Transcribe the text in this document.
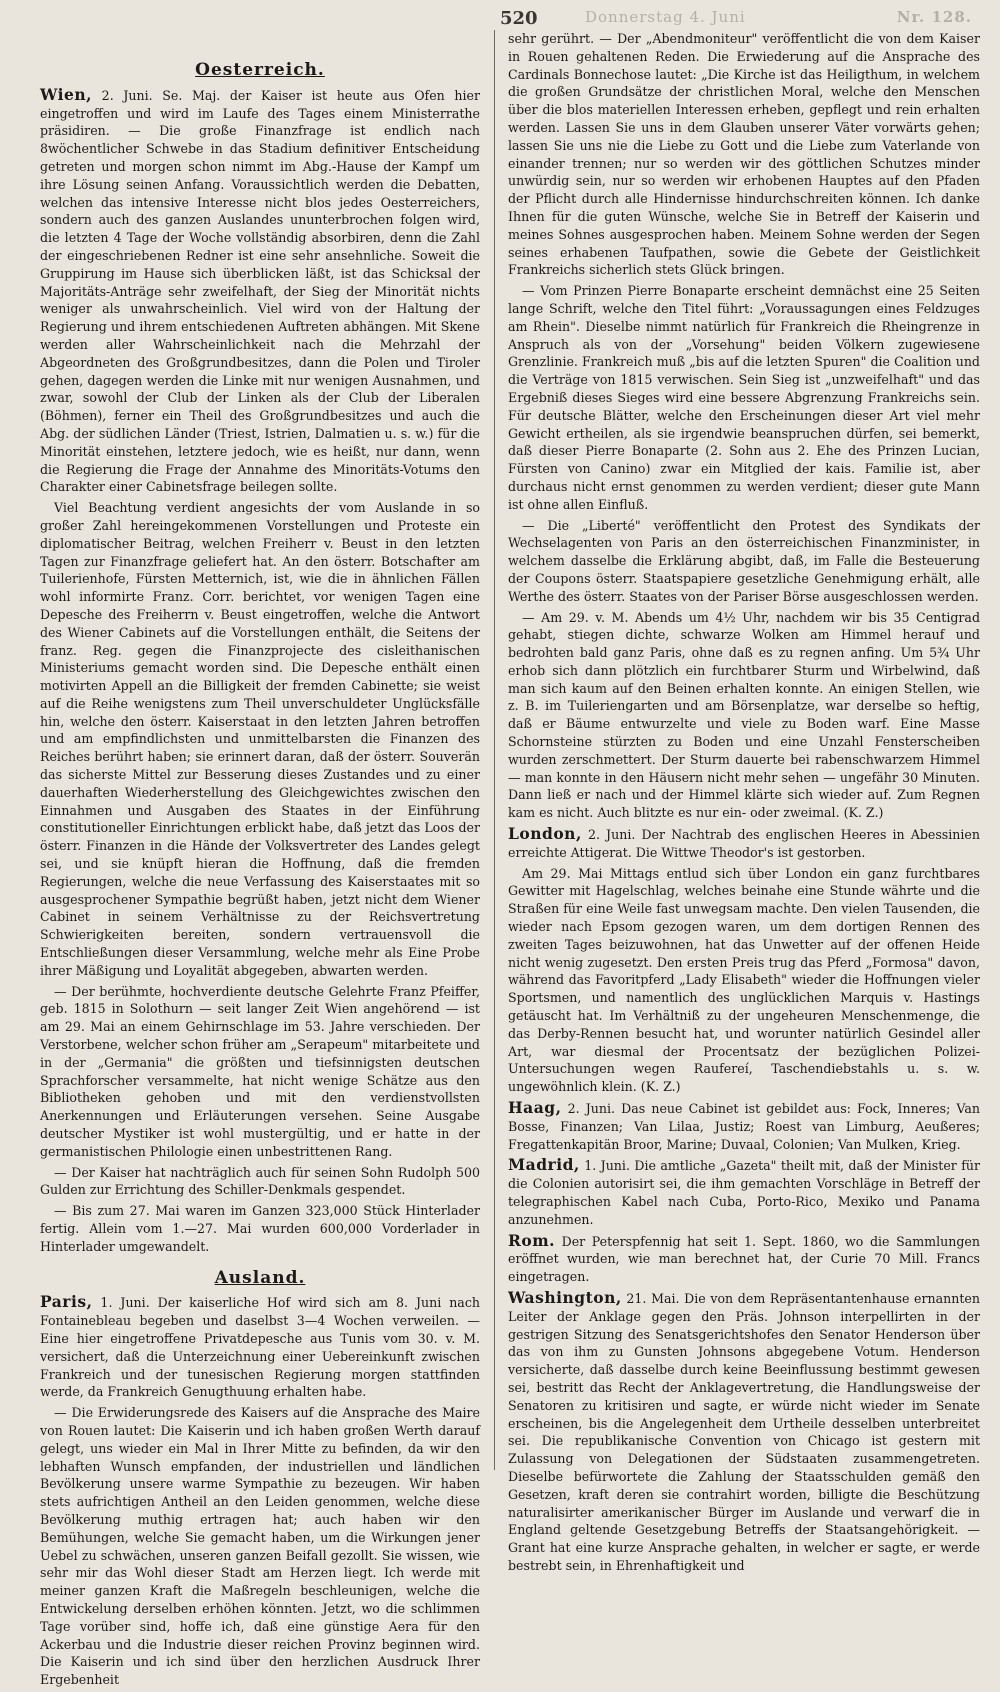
Donnerstag 4. Juni
520	Nr. 128.
Oesterreich.

Wien, 2. Juni. Se. Maj. der Kaiser ist heute aus Ofen hier eingetroffen und wird im Laufe des Tages einem Ministerrathe präsidiren. — Die große Finanzfrage ist endlich nach 8wöchentlicher Schwebe in das Stadium definitiver Entscheidung getreten und morgen schon nimmt im Abg.-Hause der Kampf um ihre Lösung seinen Anfang. Voraussichtlich werden die Debatten, welchen das intensive Interesse nicht blos jedes Oesterreichers, sondern auch des ganzen Auslandes ununterbrochen folgen wird, die letzten 4 Tage der Woche vollständig absorbiren, denn die Zahl der eingeschriebenen Redner ist eine sehr ansehnliche. Soweit die Gruppirung im Hause sich überblicken läßt, ist das Schicksal der Majoritäts-Anträge sehr zweifelhaft, der Sieg der Minorität nichts weniger als unwahrscheinlich. Viel wird von der Haltung der Regierung und ihrem entschiedenen Auftreten abhängen. Mit Skene werden aller Wahrscheinlichkeit nach die Mehrzahl der Abgeordneten des Großgrundbesitzes, dann die Polen und Tiroler gehen, dagegen werden die Linke mit nur wenigen Ausnahmen, und zwar, sowohl der Club der Linken als der Club der Liberalen (Böhmen), ferner ein Theil des Großgrundbesitzes und auch die Abg. der südlichen Länder (Triest, Istrien, Dalmatien u. s. w.) für die Minorität einstehen, letztere jedoch, wie es heißt, nur dann, wenn die Regierung die Frage der Annahme des Minoritäts-Votums den Charakter einer Cabinetsfrage beilegen sollte.

Viel Beachtung verdient angesichts der vom Auslande in so großer Zahl hereingekommenen Vorstellungen und Proteste ein diplomatischer Beitrag, welchen Freiherr v. Beust in den letzten Tagen zur Finanzfrage geliefert hat. An den österr. Botschafter am Tuilerienhofe, Fürsten Metternich, ist, wie die in ähnlichen Fällen wohl informirte Franz. Corr. berichtet, vor wenigen Tagen eine Depesche des Freiherrn v. Beust eingetroffen, welche die Antwort des Wiener Cabinets auf die Vorstellungen enthält, die Seitens der franz. Reg. gegen die Finanzprojecte des cisleithanischen Ministeriums gemacht worden sind. Die Depesche enthält einen motivirten Appell an die Billigkeit der fremden Cabinette; sie weist auf die Reihe wenigstens zum Theil unverschuldeter Unglücksfälle hin, welche den österr. Kaiserstaat in den letzten Jahren betroffen und am empfindlichsten und unmittelbarsten die Finanzen des Reiches berührt haben; sie erinnert daran, daß der österr. Souverän das sicherste Mittel zur Besserung dieses Zustandes und zu einer dauerhaften Wiederherstellung des Gleichgewichtes zwischen den Einnahmen und Ausgaben des Staates in der Einführung constitutioneller Einrichtungen erblickt habe, daß jetzt das Loos der österr. Finanzen in die Hände der Volksvertreter des Landes gelegt sei, und sie knüpft hieran die Hoffnung, daß die fremden Regierungen, welche die neue Verfassung des Kaiserstaates mit so ausgesprochener Sympathie begrüßt haben, jetzt nicht dem Wiener Cabinet in seinem Verhältnisse zu der Reichsvertretung Schwierigkeiten bereiten, sondern vertrauensvoll die Entschließungen dieser Versammlung, welche mehr als Eine Probe ihrer Mäßigung und Loyalität abgegeben, abwarten werden.

— Der berühmte, hochverdiente deutsche Gelehrte Franz Pfeiffer, geb. 1815 in Solothurn — seit langer Zeit Wien angehörend — ist am 29. Mai an einem Gehirnschlage im 53. Jahre verschieden. Der Verstorbene, welcher schon früher am „Serapeum" mitarbeitete und in der „Germania" die größten und tiefsinnigsten deutschen Sprachforscher versammelte, hat nicht wenige Schätze aus den Bibliotheken gehoben und mit den verdienstvollsten Anerkennungen und Erläuterungen versehen. Seine Ausgabe deutscher Mystiker ist wohl mustergültig, und er hatte in der germanistischen Philologie einen unbestrittenen Rang.

— Der Kaiser hat nachträglich auch für seinen Sohn Rudolph 500 Gulden zur Errichtung des Schiller-Denkmals gespendet.

— Bis zum 27. Mai waren im Ganzen 323,000 Stück Hinterlader fertig. Allein vom 1.—27. Mai wurden 600,000 Vorderlader in Hinterlader umgewandelt.

Ausland.

Paris, 1. Juni. Der kaiserliche Hof wird sich am 8. Juni nach Fontainebleau begeben und daselbst 3—4 Wochen verweilen. — Eine hier eingetroffene Privatdepesche aus Tunis vom 30. v. M. versichert, daß die Unterzeichnung einer Uebereinkunft zwischen Frankreich und der tunesischen Regierung morgen stattfinden werde, da Frankreich Genugthuung erhalten habe.

— Die Erwiderungsrede des Kaisers auf die Ansprache des Maire von Rouen lautet: Die Kaiserin und ich haben großen Werth darauf gelegt, uns wieder ein Mal in Ihrer Mitte zu befinden, da wir den lebhaften Wunsch empfanden, der industriellen und ländlichen Bevölkerung unsere warme Sympathie zu bezeugen. Wir haben stets aufrichtigen Antheil an den Leiden genommen, welche diese Bevölkerung muthig ertragen hat; auch haben wir den Bemühungen, welche Sie gemacht haben, um die Wirkungen jener Uebel zu schwächen, unseren ganzen Beifall gezollt. Sie wissen, wie sehr mir das Wohl dieser Stadt am Herzen liegt. Ich werde mit meiner ganzen Kraft die Maßregeln beschleunigen, welche die Entwickelung derselben erhöhen könnten. Jetzt, wo die schlimmen Tage vorüber sind, hoffe ich, daß eine günstige Aera für den Ackerbau und die Industrie dieser reichen Provinz beginnen wird. Die Kaiserin und ich sind über den herzlichen Ausdruck Ihrer Ergebenheit

sehr gerührt. — Der „Abendmoniteur" veröffentlicht die von dem Kaiser in Rouen gehaltenen Reden. Die Erwiederung auf die Ansprache des Cardinals Bonnechose lautet: „Die Kirche ist das Heiligthum, in welchem die großen Grundsätze der christlichen Moral, welche den Menschen über die blos materiellen Interessen erheben, gepflegt und rein erhalten werden. Lassen Sie uns in dem Glauben unserer Väter vorwärts gehen; lassen Sie uns nie die Liebe zu Gott und die Liebe zum Vaterlande von einander trennen; nur so werden wir des göttlichen Schutzes minder unwürdig sein, nur so werden wir erhobenen Hauptes auf den Pfaden der Pflicht durch alle Hindernisse hindurchschreiten können. Ich danke Ihnen für die guten Wünsche, welche Sie in Betreff der Kaiserin und meines Sohnes ausgesprochen haben. Meinem Sohne werden der Segen seines erhabenen Taufpathen, sowie die Gebete der Geistlichkeit Frankreichs sicherlich stets Glück bringen.

— Vom Prinzen Pierre Bonaparte erscheint demnächst eine 25 Seiten lange Schrift, welche den Titel führt: „Voraussagungen eines Feldzuges am Rhein". Dieselbe nimmt natürlich für Frankreich die Rheingrenze in Anspruch als von der „Vorsehung" beiden Völkern zugewiesene Grenzlinie. Frankreich muß „bis auf die letzten Spuren" die Coalition und die Verträge von 1815 verwischen. Sein Sieg ist „unzweifelhaft" und das Ergebniß dieses Sieges wird eine bessere Abgrenzung Frankreichs sein. Für deutsche Blätter, welche den Erscheinungen dieser Art viel mehr Gewicht ertheilen, als sie irgendwie beanspruchen dürfen, sei bemerkt, daß dieser Pierre Bonaparte (2. Sohn aus 2. Ehe des Prinzen Lucian, Fürsten von Canino) zwar ein Mitglied der kais. Familie ist, aber durchaus nicht ernst genommen zu werden verdient; dieser gute Mann ist ohne allen Einfluß.

— Die „Liberté" veröffentlicht den Protest des Syndikats der Wechselagenten von Paris an den österreichischen Finanzminister, in welchem dasselbe die Erklärung abgibt, daß, im Falle die Besteuerung der Coupons österr. Staatspapiere gesetzliche Genehmigung erhält, alle Werthe des österr. Staates von der Pariser Börse ausgeschlossen werden.

— Am 29. v. M. Abends um 4½ Uhr, nachdem wir bis 35 Centigrad gehabt, stiegen dichte, schwarze Wolken am Himmel herauf und bedrohten bald ganz Paris, ohne daß es zu regnen anfing. Um 5¾ Uhr erhob sich dann plötzlich ein furchtbarer Sturm und Wirbelwind, daß man sich kaum auf den Beinen erhalten konnte. An einigen Stellen, wie z. B. im Tuileriengarten und am Börsenplatze, war derselbe so heftig, daß er Bäume entwurzelte und viele zu Boden warf. Eine Masse Schornsteine stürzten zu Boden und eine Unzahl Fensterscheiben wurden zerschmettert. Der Sturm dauerte bei rabenschwarzem Himmel — man konnte in den Häusern nicht mehr sehen — ungefähr 30 Minuten. Dann ließ er nach und der Himmel klärte sich wieder auf. Zum Regnen kam es nicht. Auch blitzte es nur ein- oder zweimal. (K. Z.)

London, 2. Juni. Der Nachtrab des englischen Heeres in Abessinien erreichte Attigerat. Die Wittwe Theodor's ist gestorben.

Am 29. Mai Mittags entlud sich über London ein ganz furchtbares Gewitter mit Hagelschlag, welches beinahe eine Stunde währte und die Straßen für eine Weile fast unwegsam machte. Den vielen Tausenden, die wieder nach Epsom gezogen waren, um dem dortigen Rennen des zweiten Tages beizuwohnen, hat das Unwetter auf der offenen Heide nicht wenig zugesetzt. Den ersten Preis trug das Pferd „Formosa" davon, während das Favoritpferd „Lady Elisabeth" wieder die Hoffnungen vieler Sportsmen, und namentlich des unglücklichen Marquis v. Hastings getäuscht hat. Im Verhältniß zu der ungeheuren Menschenmenge, die das Derby-Rennen besucht hat, und worunter natürlich Gesindel aller Art, war diesmal der Procentsatz der bezüglichen Polizei-Untersuchungen wegen Raufereí, Taschendiebstahls u. s. w. ungewöhnlich klein. (K. Z.)

Haag, 2. Juni. Das neue Cabinet ist gebildet aus: Fock, Inneres; Van Bosse, Finanzen; Van Lilaa, Justiz; Roest van Limburg, Aeußeres; Fregattenkapitän Broor, Marine; Duvaal, Colonien; Van Mulken, Krieg.

Madrid, 1. Juni. Die amtliche „Gazeta" theilt mit, daß der Minister für die Colonien autorisirt sei, die ihm gemachten Vorschläge in Betreff der telegraphischen Kabel nach Cuba, Porto-Rico, Mexiko und Panama anzunehmen.

Rom. Der Peterspfennig hat seit 1. Sept. 1860, wo die Sammlungen eröffnet wurden, wie man berechnet hat, der Curie 70 Mill. Francs eingetragen.

Washington, 21. Mai. Die von dem Repräsentantenhause ernannten Leiter der Anklage gegen den Präs. Johnson interpellirten in der gestrigen Sitzung des Senatsgerichtshofes den Senator Henderson über das von ihm zu Gunsten Johnsons abgegebene Votum. Henderson versicherte, daß dasselbe durch keine Beeinflussung bestimmt gewesen sei, bestritt das Recht der Anklagevertretung, die Handlungsweise der Senatoren zu kritisiren und sagte, er würde nicht wieder im Senate erscheinen, bis die Angelegenheit dem Urtheile desselben unterbreitet sei. Die republikanische Convention von Chicago ist gestern mit Zulassung von Delegationen der Südstaaten zusammengetreten. Dieselbe befürwortete die Zahlung der Staatsschulden gemäß den Gesetzen, kraft deren sie contrahirt worden, billigte die Beschützung naturalisirter amerikanischer Bürger im Auslande und verwarf die in England geltende Gesetzgebung Betreffs der Staatsangehörigkeit. — Grant hat eine kurze Ansprache gehalten, in welcher er sagte, er werde bestrebt sein, in Ehrenhaftigkeit und
